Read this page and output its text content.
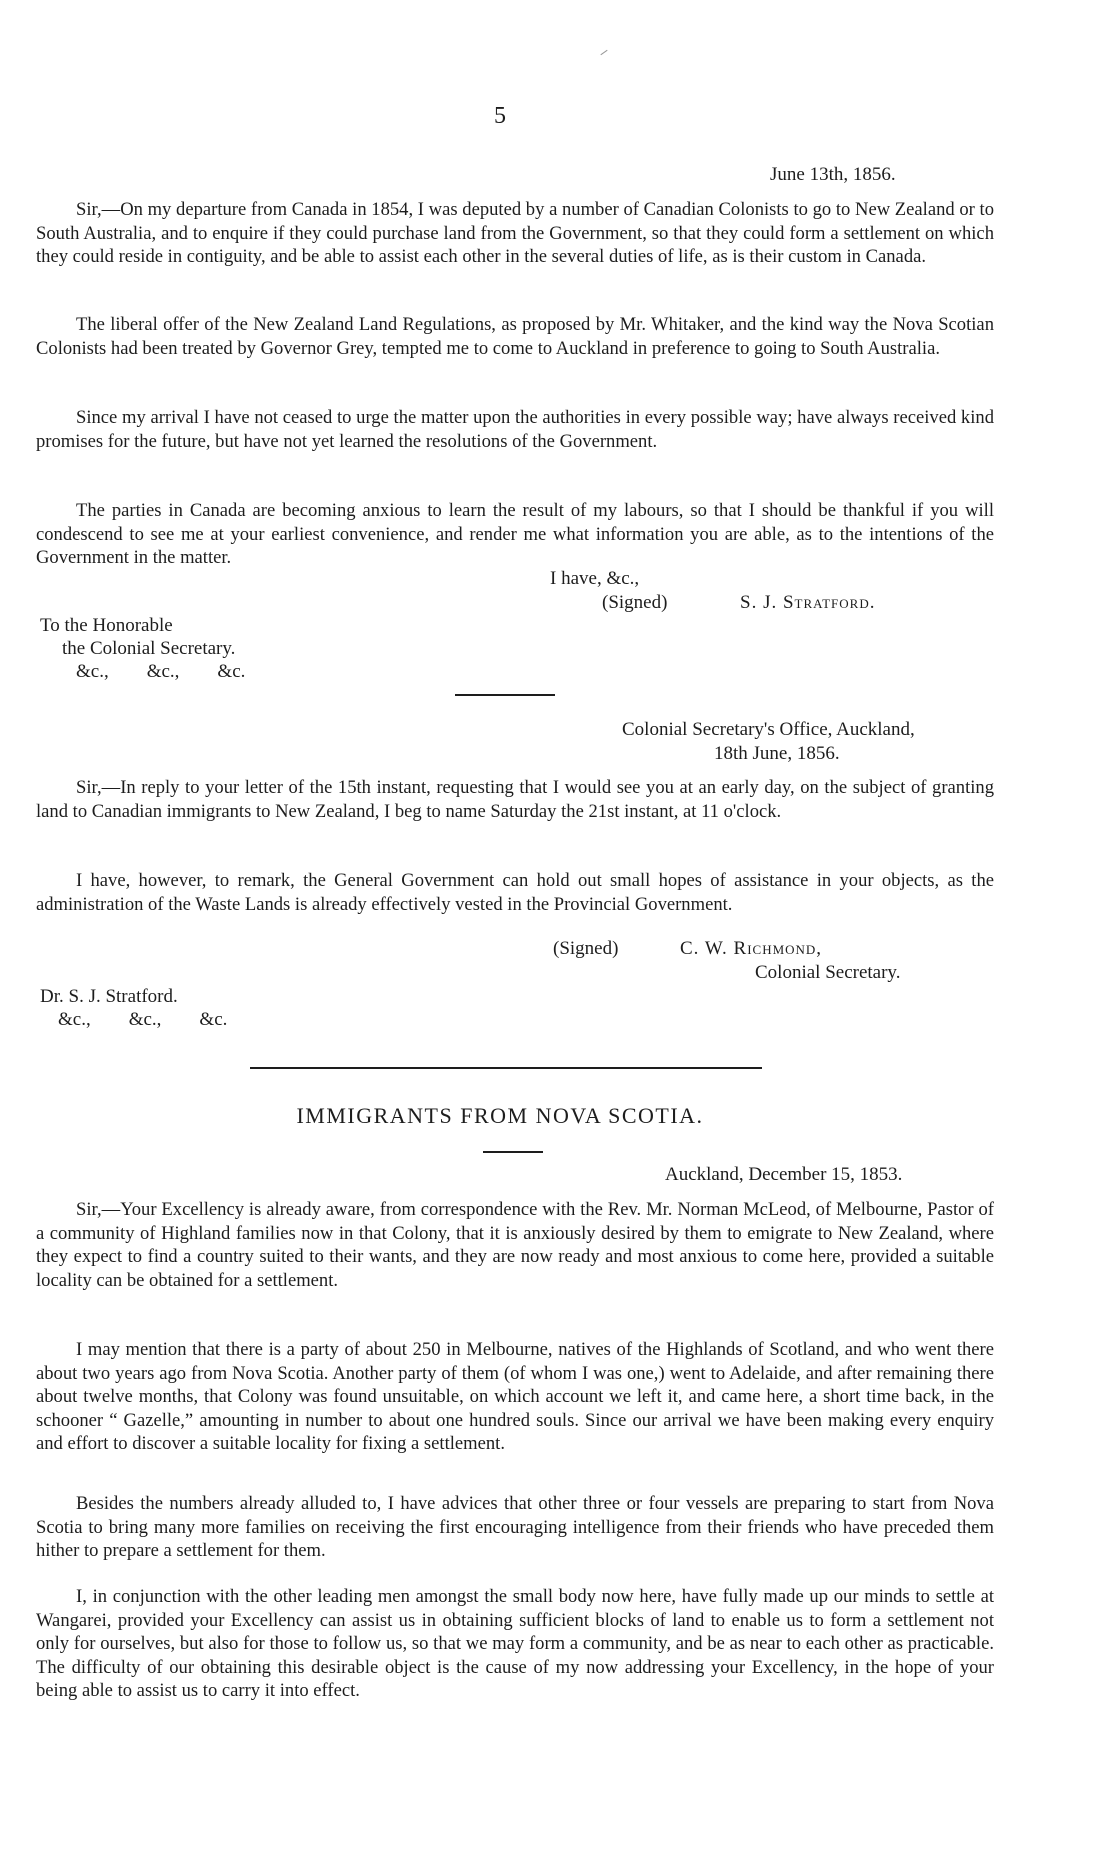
5
June 13th, 1856.

Sir,—On my departure from Canada in 1854, I was deputed by a number of Canadian Colonists to go to New Zealand or to South Australia, and to enquire if they could purchase land from the Government, so that they could form a settlement on which they could reside in contiguity, and be able to assist each other in the several duties of life, as is their custom in Canada.

The liberal offer of the New Zealand Land Regulations, as proposed by Mr. Whitaker, and the kind way the Nova Scotian Colonists had been treated by Governor Grey, tempted me to come to Auckland in preference to going to South Australia.

Since my arrival I have not ceased to urge the matter upon the authorities in every possible way; have always received kind promises for the future, but have not yet learned the resolutions of the Government.

The parties in Canada are becoming anxious to learn the result of my labours, so that I should be thankful if you will condescend to see me at your earliest convenience, and render me what information you are able, as to the intentions of the Government in the matter.

I have, &c.,
(Signed)	S. J. Stratford.
To the Honorable
the Colonial Secretary.
&c.,        &c.,        &c.
Colonial Secretary's Office, Auckland,
18th June, 1856.

Sir,—In reply to your letter of the 15th instant, requesting that I would see you at an early day, on the subject of granting land to Canadian immigrants to New Zealand, I beg to name Saturday the 21st instant, at 11 o'clock.

I have, however, to remark, the General Government can hold out small hopes of assistance in your objects, as the administration of the Waste Lands is already effectively vested in the Provincial Government.

(Signed)	C. W. Richmond,
Colonial Secretary.
Dr. S. J. Stratford.
&c.,        &c.,        &c.
IMMIGRANTS FROM NOVA SCOTIA.
Auckland, December 15, 1853.

Sir,—Your Excellency is already aware, from correspondence with the Rev. Mr. Norman McLeod, of Melbourne, Pastor of a community of Highland families now in that Colony, that it is anxiously desired by them to emigrate to New Zealand, where they expect to find a country suited to their wants, and they are now ready and most anxious to come here, provided a suitable locality can be obtained for a settlement.

I may mention that there is a party of about 250 in Melbourne, natives of the Highlands of Scotland, and who went there about two years ago from Nova Scotia. Another party of them (of whom I was one,) went to Adelaide, and after remaining there about twelve months, that Colony was found unsuitable, on which account we left it, and came here, a short time back, in the schooner “ Gazelle,” amounting in number to about one hundred souls. Since our arrival we have been making every enquiry and effort to discover a suitable locality for fixing a settlement.

Besides the numbers already alluded to, I have advices that other three or four vessels are preparing to start from Nova Scotia to bring many more families on receiving the first encouraging intelligence from their friends who have preceded them hither to prepare a settlement for them.

I, in conjunction with the other leading men amongst the small body now here, have fully made up our minds to settle at Wangarei, provided your Excellency can assist us in obtaining sufficient blocks of land to enable us to form a settlement not only for ourselves, but also for those to follow us, so that we may form a community, and be as near to each other as practicable. The difficulty of our obtaining this desirable object is the cause of my now addressing your Excellency, in the hope of your being able to assist us to carry it into effect.
